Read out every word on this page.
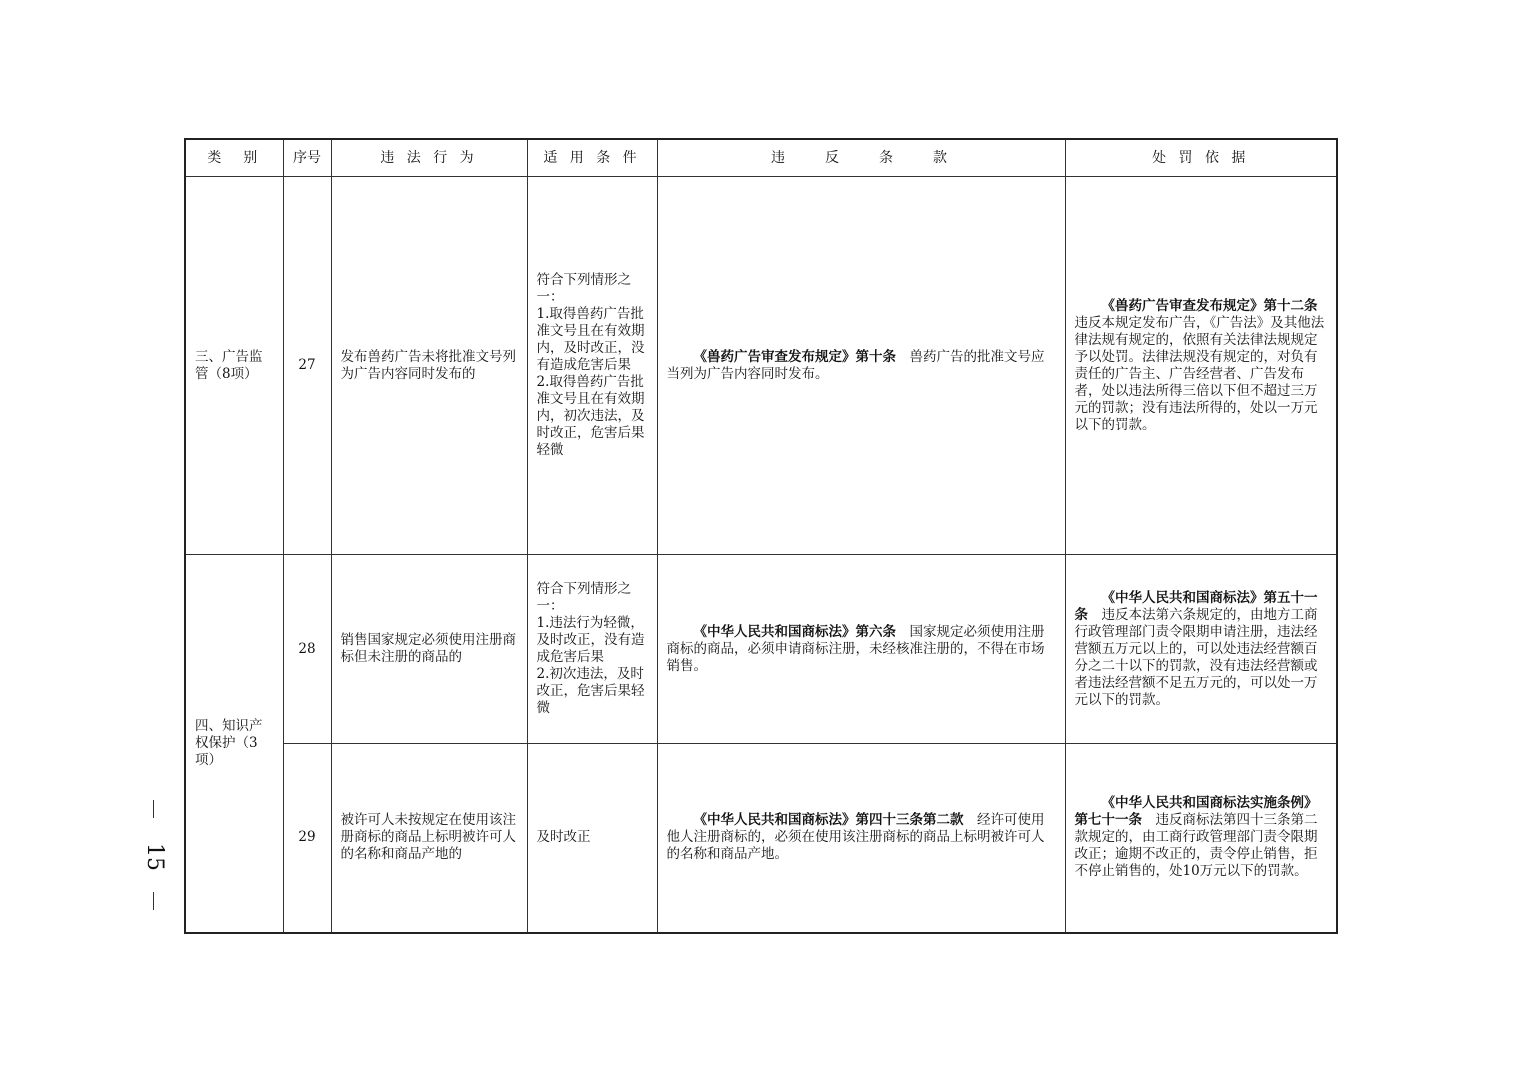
类　别	序号	违 法 行 为	适 用 条 件	违　　反　　条　　款	处 罚 依 据
三、广告监管（8项）	27	发布兽药广告未将批准文号列为广告内容同时发布的	符合下列情形之一：
1.取得兽药广告批准文号且在有效期内，及时改正，没有造成危害后果
2.取得兽药广告批准文号且在有效期内，初次违法，及时改正，危害后果轻微	《兽药广告审查发布规定》第十条　兽药广告的批准文号应当列为广告内容同时发布。	《兽药广告审查发布规定》第十二条　违反本规定发布广告，《广告法》及其他法律法规有规定的，依照有关法律法规规定予以处罚。法律法规没有规定的，对负有责任的广告主、广告经营者、广告发布者，处以违法所得三倍以下但不超过三万元的罚款；没有违法所得的，处以一万元以下的罚款。
四、知识产权保护（3项）	28	销售国家规定必须使用注册商标但未注册的商品的	符合下列情形之一：
1.违法行为轻微，及时改正，没有造成危害后果
2.初次违法，及时改正，危害后果轻微	《中华人民共和国商标法》第六条　国家规定必须使用注册商标的商品，必须申请商标注册，未经核准注册的，不得在市场销售。	《中华人民共和国商标法》第五十一条　违反本法第六条规定的，由地方工商行政管理部门责令限期申请注册，违法经营额五万元以上的，可以处违法经营额百分之二十以下的罚款，没有违法经营额或者违法经营额不足五万元的，可以处一万元以下的罚款。
	29	被许可人未按规定在使用该注册商标的商品上标明被许可人的名称和商品产地的	及时改正	《中华人民共和国商标法》第四十三条第二款　经许可使用他人注册商标的，必须在使用该注册商标的商品上标明被许可人的名称和商品产地。	《中华人民共和国商标法实施条例》第七十一条　违反商标法第四十三条第二款规定的，由工商行政管理部门责令限期改正；逾期不改正的，责令停止销售，拒不停止销售的，处10万元以下的罚款。
15
